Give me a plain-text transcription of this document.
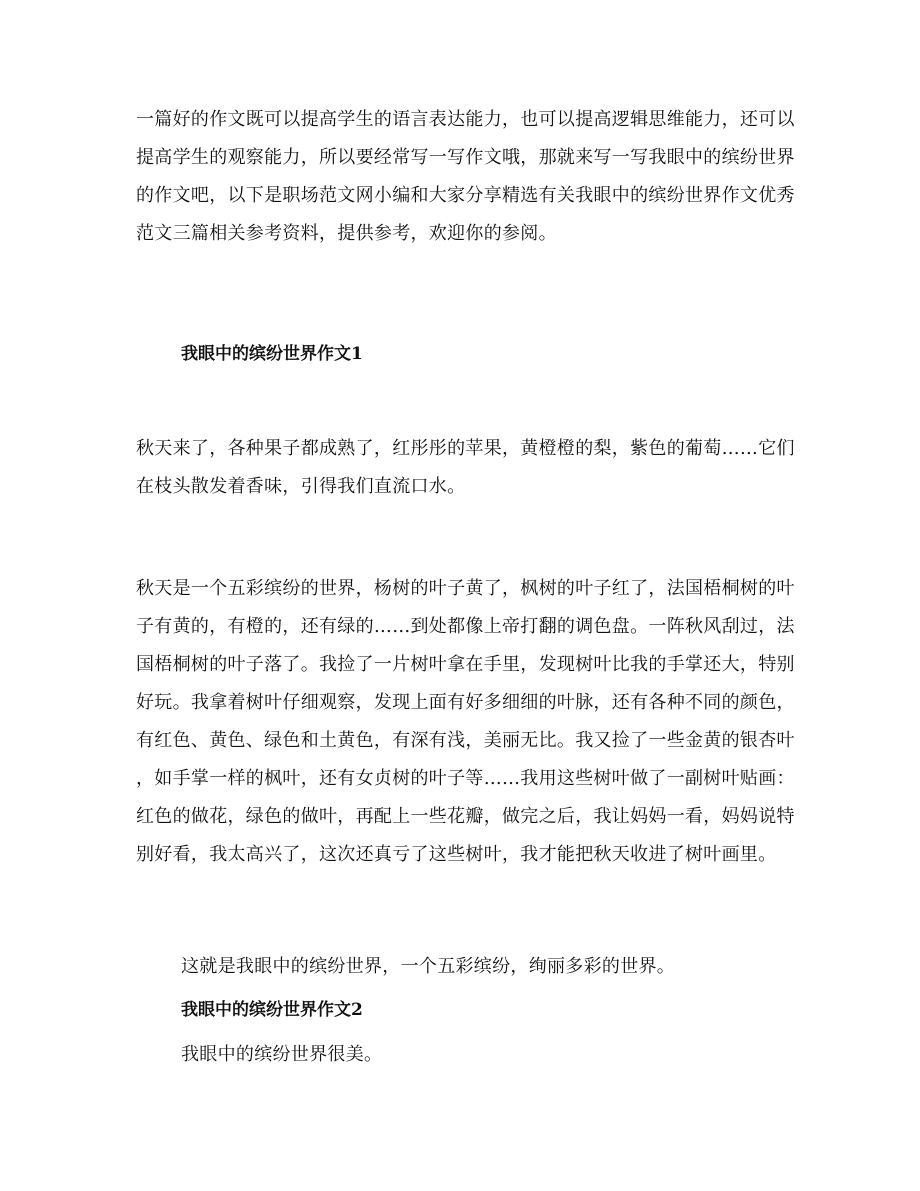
一篇好的作文既可以提高学生的语言表达能力，也可以提高逻辑思维能力，还可以
提高学生的观察能力，所以要经常写一写作文哦，那就来写一写我眼中的缤纷世界
的作文吧，以下是职场范文网小编和大家分享精选有关我眼中的缤纷世界作文优秀
范文三篇相关参考资料，提供参考，欢迎你的参阅。
我眼中的缤纷世界作文1
秋天来了，各种果子都成熟了，红彤彤的苹果，黄橙橙的梨，紫色的葡萄……它们
在枝头散发着香味，引得我们直流口水。
秋天是一个五彩缤纷的世界，杨树的叶子黄了，枫树的叶子红了，法国梧桐树的叶
子有黄的，有橙的，还有绿的……到处都像上帝打翻的调色盘。一阵秋风刮过，法
国梧桐树的叶子落了。我捡了一片树叶拿在手里，发现树叶比我的手掌还大，特别
好玩。我拿着树叶仔细观察，发现上面有好多细细的叶脉，还有各种不同的颜色，
有红色、黄色、绿色和土黄色，有深有浅，美丽无比。我又捡了一些金黄的银杏叶
，如手掌一样的枫叶，还有女贞树的叶子等……我用这些树叶做了一副树叶贴画：
红色的做花，绿色的做叶，再配上一些花瓣，做完之后，我让妈妈一看，妈妈说特
别好看，我太高兴了，这次还真亏了这些树叶，我才能把秋天收进了树叶画里。
这就是我眼中的缤纷世界，一个五彩缤纷，绚丽多彩的世界。
我眼中的缤纷世界作文2
我眼中的缤纷世界很美。
